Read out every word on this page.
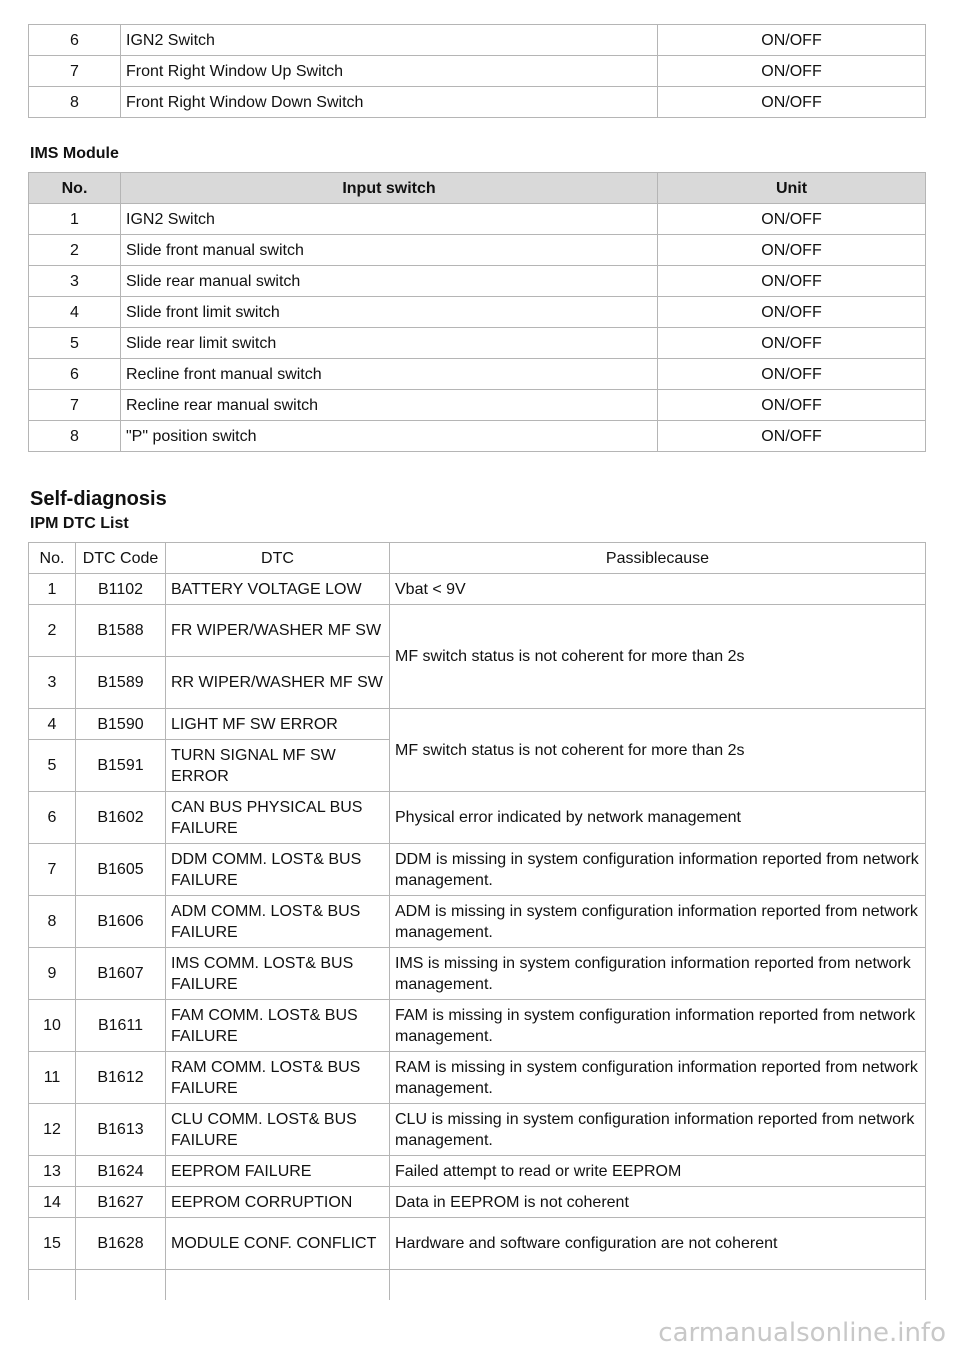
6	IGN2 Switch	ON/OFF
7	Front Right Window Up Switch	ON/OFF
8	Front Right Window Down Switch	ON/OFF
IMS Module
No.	Input switch	Unit
1	IGN2 Switch	ON/OFF
2	Slide front manual switch	ON/OFF
3	Slide rear manual switch	ON/OFF
4	Slide front limit switch	ON/OFF
5	Slide rear limit switch	ON/OFF
6	Recline front manual switch	ON/OFF
7	Recline rear manual switch	ON/OFF
8	"P" position switch	ON/OFF
Self-diagnosis
IPM DTC List
No.	DTC Code	DTC	Passiblecause
1	B1102	BATTERY VOLTAGE LOW	Vbat < 9V
2	B1588	FR WIPER/WASHER MF SW	MF switch status is not coherent for more than 2s
3	B1589	RR WIPER/WASHER MF SW	
4	B1590	LIGHT MF SW ERROR	MF switch status is not coherent for more than 2s
5	B1591	TURN SIGNAL MF SW ERROR	
6	B1602	CAN BUS PHYSICAL BUS FAILURE	Physical error indicated by network management
7	B1605	DDM COMM. LOST& BUS FAILURE	DDM is missing in system configuration information reported from network management.
8	B1606	ADM COMM. LOST& BUS FAILURE	ADM is missing in system configuration information reported from network management.
9	B1607	IMS COMM. LOST& BUS FAILURE	IMS is missing in system configuration information reported from network management.
10	B1611	FAM COMM. LOST& BUS FAILURE	FAM is missing in system configuration information reported from network management.
11	B1612	RAM COMM. LOST& BUS FAILURE	RAM is missing in system configuration information reported from network management.
12	B1613	CLU COMM. LOST& BUS FAILURE	CLU is missing in system configuration information reported from network management.
13	B1624	EEPROM FAILURE	Failed attempt to read or write EEPROM
14	B1627	EEPROM CORRUPTION	Data in EEPROM is not coherent
15	B1628	MODULE CONF. CONFLICT	Hardware and software configuration are not coherent

carmanualsonline.info
